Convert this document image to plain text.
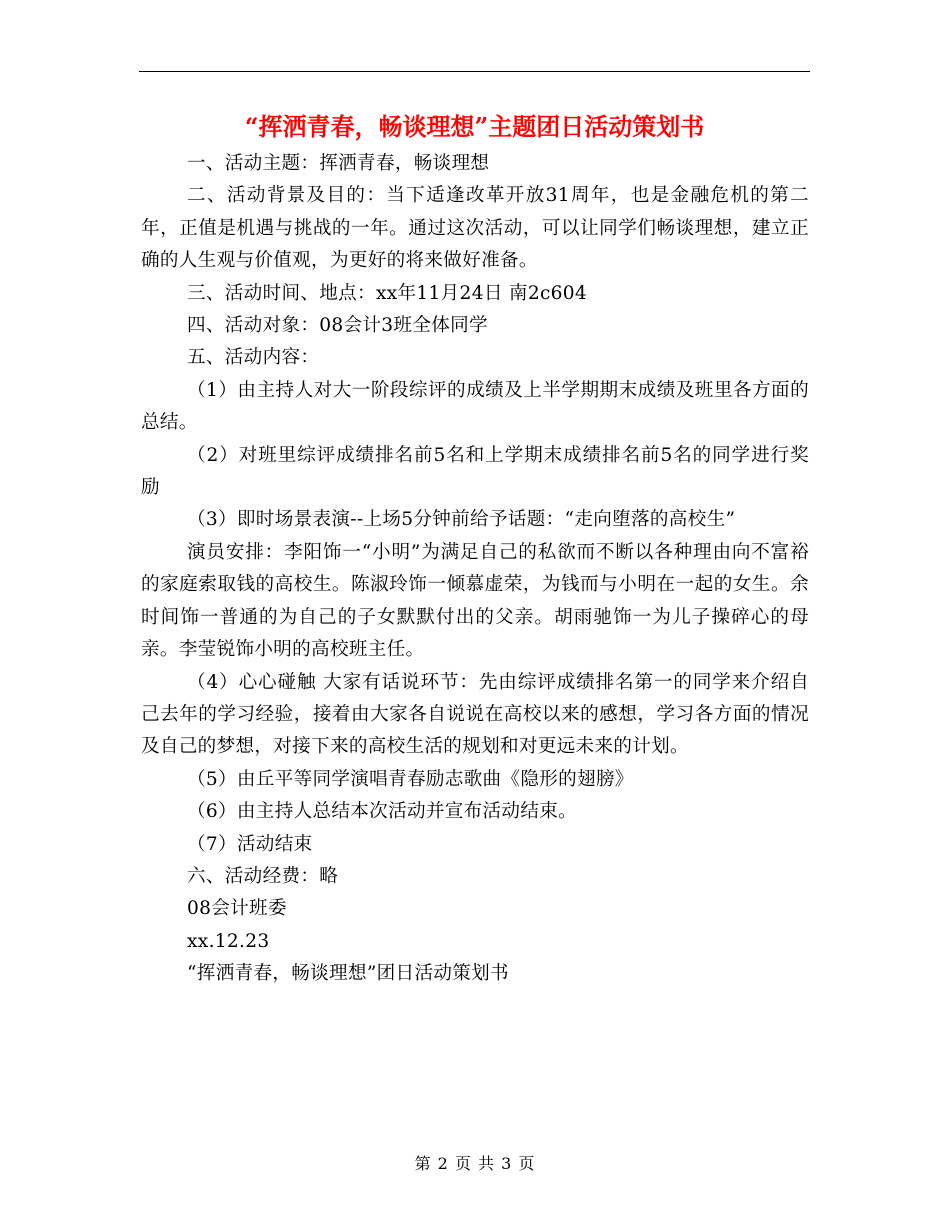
“挥洒青春，畅谈理想”主题团日活动策划书

一、活动主题：挥洒青春，畅谈理想

二、活动背景及目的：当下适逢改革开放31周年，也是金融危机的第二年，正值是机遇与挑战的一年。通过这次活动，可以让同学们畅谈理想，建立正确的人生观与价值观，为更好的将来做好准备。

三、活动时间、地点：xx年11月24日 南2c604

四、活动对象：08会计3班全体同学

五、活动内容：

（1）由主持人对大一阶段综评的成绩及上半学期期末成绩及班里各方面的总结。

（2）对班里综评成绩排名前5名和上学期末成绩排名前5名的同学进行奖励

（3）即时场景表演--上场5分钟前给予话题：“走向堕落的高校生”

演员安排：李阳饰一“小明”为满足自己的私欲而不断以各种理由向不富裕的家庭索取钱的高校生。陈淑玲饰一倾慕虚荣，为钱而与小明在一起的女生。余时间饰一普通的为自己的子女默默付出的父亲。胡雨驰饰一为儿子操碎心的母亲。李莹锐饰小明的高校班主任。

（4）心心碰触 大家有话说环节：先由综评成绩排名第一的同学来介绍自己去年的学习经验，接着由大家各自说说在高校以来的感想，学习各方面的情况及自己的梦想，对接下来的高校生活的规划和对更远未来的计划。

（5）由丘平等同学演唱青春励志歌曲《隐形的翅膀》

（6）由主持人总结本次活动并宣布活动结束。

（7）活动结束

六、活动经费：略

08会计班委

xx.12.23

“挥洒青春，畅谈理想”团日活动策划书

第 2 页 共 3 页
